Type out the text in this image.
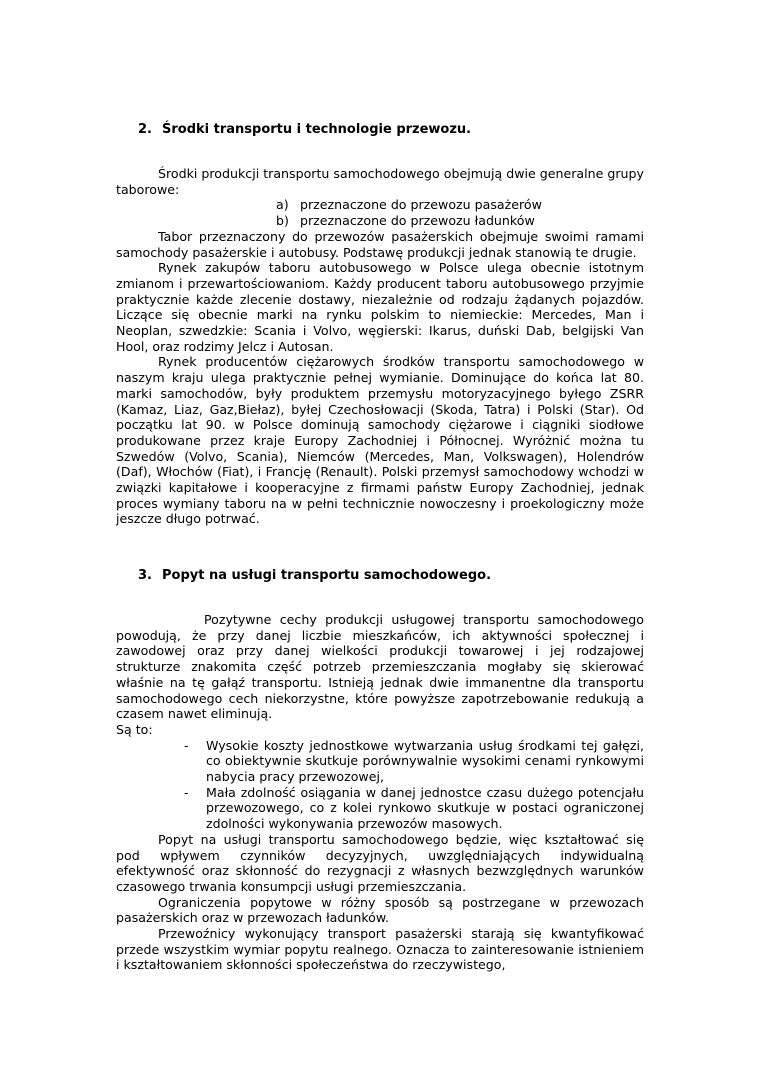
2. Środki transportu i technologie przewozu.

Środki produkcji transportu samochodowego obejmują dwie generalne grupy taborowe:

a) przeznaczone do przewozu pasażerów
b) przeznaczone do przewozu ładunków

Tabor przeznaczony do przewozów pasażerskich obejmuje swoimi ramami samochody pasażerskie i autobusy. Podstawę produkcji jednak stanowią te drugie.

Rynek zakupów taboru autobusowego w Polsce ulega obecnie istotnym zmianom i przewartościowaniom. Każdy producent taboru autobusowego przyjmie praktycznie każde zlecenie dostawy, niezależnie od rodzaju żądanych pojazdów. Liczące się obecnie marki na rynku polskim to niemieckie: Mercedes, Man i Neoplan, szwedzkie: Scania i Volvo, węgierski: Ikarus, duński Dab, belgijski Van Hool, oraz rodzimy Jelcz i Autosan.

Rynek producentów ciężarowych środków transportu samochodowego w naszym kraju ulega praktycznie pełnej wymianie. Dominujące do końca lat 80. marki samochodów, były produktem przemysłu motoryzacyjnego byłego ZSRR (Kamaz, Liaz, Gaz,Biełaz), byłej Czechosłowacji (Skoda, Tatra) i Polski (Star). Od początku lat 90. w Polsce dominują samochody ciężarowe i ciągniki siodłowe produkowane przez kraje Europy Zachodniej i Północnej. Wyróżnić można tu Szwedów (Volvo, Scania), Niemców (Mercedes, Man, Volkswagen), Holendrów (Daf), Włochów (Fiat), i Francję (Renault). Polski przemysł samochodowy wchodzi w związki kapitałowe i kooperacyjne z firmami państw Europy Zachodniej, jednak proces wymiany taboru na w pełni technicznie nowoczesny i proekologiczny może jeszcze długo potrwać.

3. Popyt na usługi transportu samochodowego.

Pozytywne cechy produkcji usługowej transportu samochodowego powodują, że przy danej liczbie mieszkańców, ich aktywności społecznej i zawodowej oraz przy danej wielkości produkcji towarowej i jej rodzajowej strukturze znakomita część potrzeb przemieszczania mogłaby się skierować właśnie na tę gałąź transportu. Istnieją jednak dwie immanentne dla transportu samochodowego cech niekorzystne, które powyższe zapotrzebowanie redukują a czasem nawet eliminują.

Są to:

- Wysokie koszty jednostkowe wytwarzania usług środkami tej gałęzi, co obiektywnie skutkuje porównywalnie wysokimi cenami rynkowymi nabycia pracy przewozowej,
- Mała zdolność osiągania w danej jednostce czasu dużego potencjału przewozowego, co z kolei rynkowo skutkuje w postaci ograniczonej zdolności wykonywania przewozów masowych.

Popyt na usługi transportu samochodowego będzie, więc kształtować się pod wpływem czynników decyzyjnych, uwzględniających indywidualną efektywność oraz skłonność do rezygnacji z własnych bezwzględnych warunków czasowego trwania konsumpcji usługi przemieszczania.

Ograniczenia popytowe w różny sposób są postrzegane w przewozach pasażerskich oraz w przewozach ładunków.

Przewoźnicy wykonujący transport pasażerski starają się kwantyfikować przede wszystkim wymiar popytu realnego. Oznacza to zainteresowanie istnieniem i kształtowaniem skłonności społeczeństwa do rzeczywistego,
